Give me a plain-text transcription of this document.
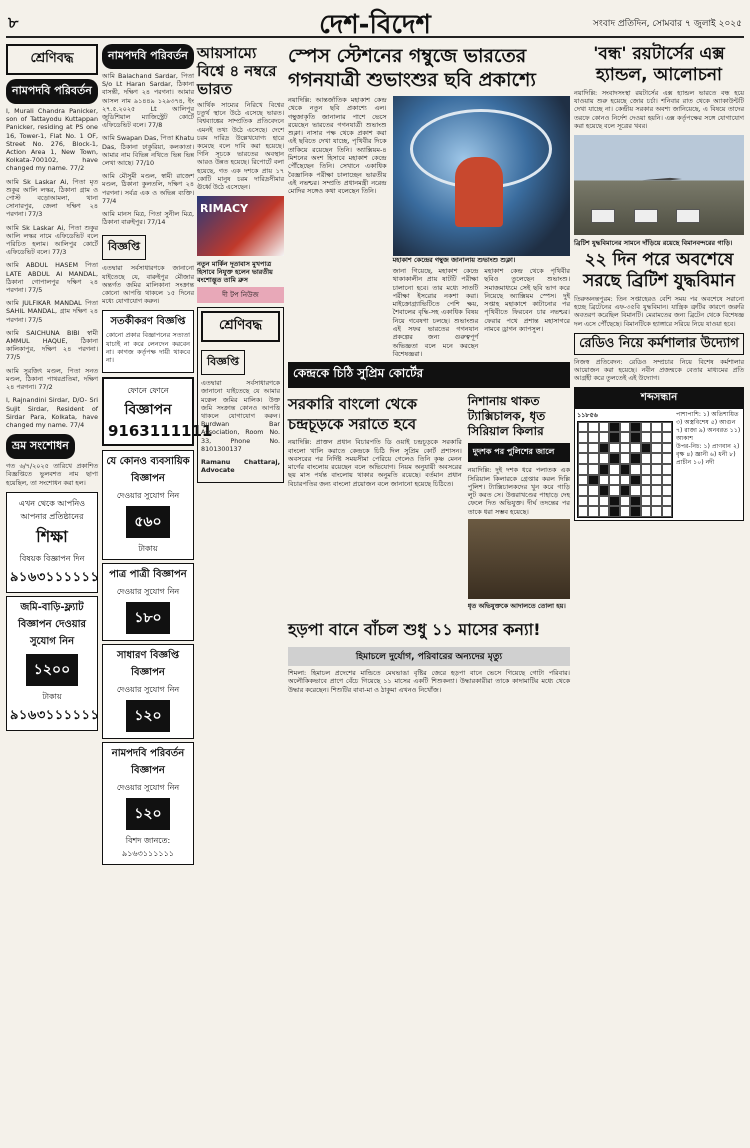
৮	দেশ-বিদেশ	সংবাদ প্রতিদিন, সোমবার ৭ জুলাই ২০২৫
শ্রেণিবদ্ধ
নামপদবি পরিবর্তন
I, Murali Chandra Panicker, son of Tattayodu Kuttappan Panicker, residing at PS one 16, Tower-1, Flat No. 1 OF, Street No. 276, Block-1, Action Area 1, New Town, Kolkata-700102, have changed my name. 77/2
আমি Sk Laskar Ai, পিতা মৃত শুকুর আলি লস্কর, ঠিকানা গ্রাম ও পোস্ট বড়োআমলা, থানা সোনারপুর, জেলা দক্ষিণ ২৪ পরগনা। 77/3
আমি Sk Laskar Ai, পিতা শুকুর আলি লস্কর নামে এফিডেভিট বলে পরিচিত হলাম। আলিপুর কোর্টে এফিডেভিট বলে। 77/3
আমি ABDUL HASEM পিতা LATE ABDUL AI MANDAL, ঠিকানা গোপালপুর দক্ষিণ ২৪ পরগনা। 77/5
আমি JULFIKAR MANDAL পিতা SAHIL MANDAL, গ্রাম দক্ষিণ ২৪ পরগনা। 77/5
আমি SAICHUNA BIBI স্বামী AMMUL HAQUE, ঠিকানা কালিকাপুর, দক্ষিণ ২৪ পরগনা। 77/5
আমি সুরজিৎ মণ্ডল, পিতা সনত মণ্ডল, ঠিকানা পাথরপ্রতিমা, দক্ষিণ ২৪ পরগনা। 77/2
I, Rajnandini Sirdar, D/O- Sri Sujit Sirdar, Resident of Sirdar Para, Kolkata, have changed my name. 77/4
ভ্রম সংশোধন
গত ৬/৭/২০২৫ তারিখে প্রকাশিত বিজ্ঞপ্তিতে ভুলবশত নাম ছাপা হয়েছিল, তা সংশোধন করা হল।
এখন থেকে আপনিও আপনার প্রতিষ্ঠানের
শিক্ষা
বিষয়ক বিজ্ঞাপন দিন
৯১৬৩১১১১১১
জমি-বাড়ি-ফ্ল্যাট বিজ্ঞাপন দেওয়ার সুযোগ নিন
১২০০
টাকায়
৯১৬৩১১১১১১
নামপদবি পরিবর্তন
আমি Balachand Sardar, পিতা S/o Lt Haran Sardar, ঠিকানা বাসন্তী, দক্ষিণ ২৪ পরগনা। আমার আসল নাম ৯১৪৪৯ ১২৯৩৭৪, ইং ২৭.৫.২০২৫ Lt আলিপুর জুডিশিয়াল ম্যাজিস্ট্রেট কোর্টে এফিডেভিট বলে। 77/8
আমি Swapan Das, পিতা Khatu Das, ঠিকানা ঢাকুরিয়া, কলকাতা। আমার নাম বিভিন্ন নথিতে ভিন্ন ভিন্ন লেখা আছে। 77/10
আমি মৌসুমী মণ্ডল, স্বামী রাজেশ মণ্ডল, ঠিকানা কুলতলি, দক্ষিণ ২৪ পরগনা। সর্বত্র এক ও অভিন্ন ব্যক্তি। 77/4
আমি মানস মিত্র, পিতা সুনীল মিত্র, ঠিকানা বারুইপুর। 77/14
বিজ্ঞপ্তি
এতদ্বারা সর্বসাধারণকে জানানো যাইতেছে যে, বারুইপুর মৌজার অন্তর্গত জমির মালিকানা সংক্রান্ত কোনো আপত্তি থাকলে ১৫ দিনের মধ্যে যোগাযোগ করুন।
সতর্কীকরণ বিজ্ঞপ্তি
কোনো প্রকার বিজ্ঞাপনের সত্যতা যাচাই না করে লেনদেন করবেন না। কাগজ কর্তৃপক্ষ দায়ী থাকবে না।
ফোনে ফোনে
বিজ্ঞাপন
9163111111
যে কোনও ব্যবসায়িক বিজ্ঞাপন
দেওয়ার সুযোগ নিন
৫৬০
টাকায়
পাত্র পাত্রী বিজ্ঞাপন
দেওয়ার সুযোগ নিন
১৮০
সাধারণ বিজ্ঞপ্তি বিজ্ঞাপন
দেওয়ার সুযোগ নিন
১২০
নামপদবি পরিবর্তন বিজ্ঞাপন
দেওয়ার সুযোগ নিন
১২০
বিশদ জানতে: ৯১৬৩১১১১১১
আয়সাম্যে বিশ্বে ৪ নম্বরে ভারত
আর্থিক সাম্যের নিরিখে বিশ্বের চতুর্থ স্থানে উঠে এসেছে ভারত। বিশ্বব্যাঙ্কের সাম্প্রতিক প্রতিবেদনে এমনই তথ্য উঠে এসেছে। দেশে চরম দারিদ্র উল্লেখযোগ্য হারে কমেছে বলে দাবি করা হয়েছে। গিনি সূচকে ভারতের অবস্থান আরও উন্নত হয়েছে। রিপোর্টে বলা হয়েছে, গত এক দশকে প্রায় ১৭ কোটি মানুষ চরম দারিদ্রসীমার ঊর্ধ্বে উঠে এসেছেন।
RIMACY
নতুন মার্কিন দূতাবাস মুখপাত্র হিসাবে নিযুক্ত হলেন ভারতীয় বংশোদ্ভূত তামি ব্রুস
দী টপ নিউজ
শ্রেণিবদ্ধ
বিজ্ঞপ্তি
এতদ্বারা সর্বসাধারণকে জানানো যাইতেছে যে আমার মক্কেল জমির মালিক। উক্ত জমি সংক্রান্ত কোনও আপত্তি থাকলে যোগাযোগ করুন। Burdwan Bar Association, Room No. 33, Phone No. 8101300137
Ramanu Chattaraj, Advocate
স্পেস স্টেশনের গম্বুজে ভারতের গগনযাত্রী শুভাংশুর ছবি প্রকাশ্যে
নয়াদিল্লি: আন্তর্জাতিক মহাকাশ কেন্দ্র থেকে নতুন ছবি প্রকাশ্যে এল। গম্বুজাকৃতি জানালার পাশে ভেসে রয়েছেন ভারতের গগনযাত্রী শুভাংশু শুক্লা। নাসার পক্ষ থেকে প্রকাশ করা এই ছবিতে দেখা যাচ্ছে, পৃথিবীর দিকে তাকিয়ে রয়েছেন তিনি। অ্যাক্সিয়ম-৪ মিশনের অংশ হিসাবে মহাকাশ কেন্দ্রে পৌঁছেছেন তিনি। সেখানে একাধিক বৈজ্ঞানিক পরীক্ষা চালাচ্ছেন ভারতীয় এই নভশ্চর। সম্প্রতি প্রধানমন্ত্রী নরেন্দ্র মোদির সঙ্গেও কথা বলেছেন তিনি।
মহাকাশ কেন্দ্রের গম্বুজ জানালায় শুভাংশু শুক্লা।
জানা গিয়েছে, মহাকাশ কেন্দ্রে থাকাকালীন প্রায় ষাটটি পরীক্ষা চালানো হবে। তার মধ্যে সাতটি পরীক্ষা ইসরোর নকশা করা। মাইক্রোগ্র্যাভিটিতে পেশি ক্ষয়, শৈবালের বৃদ্ধি-সহ একাধিক বিষয় নিয়ে গবেষণা চলছে। শুভাংশুর এই সফর ভারতের গগনযান প্রকল্পের জন্য গুরুত্বপূর্ণ অভিজ্ঞতা বলে মনে করছেন বিশেষজ্ঞরা।
মহাকাশ কেন্দ্র থেকে পৃথিবীর ছবিও তুলেছেন শুভাংশু। সমাজমাধ্যমে সেই ছবি ভাগ করে নিয়েছে অ্যাক্সিয়ম স্পেস। দুই সপ্তাহ মহাকাশে কাটানোর পর পৃথিবীতে ফিরবেন চার নভশ্চর। ফেরার পথে প্রশান্ত মহাসাগরে নামবে ড্রাগন ক্যাপসুল।
কেন্দ্রকে চিঠি সুপ্রিম কোর্টের
সরকারি বাংলো থেকে চন্দ্রচূড়কে সরাতে হবে
নয়াদিল্লি: প্রাক্তন প্রধান বিচারপতি ডি ওয়াই চন্দ্রচূড়কে সরকারি বাংলো খালি করাতে কেন্দ্রকে চিঠি দিল সুপ্রিম কোর্ট প্রশাসন। অবসরের পর নির্দিষ্ট সময়সীমা পেরিয়ে গেলেও তিনি কৃষ্ণ মেনন মার্গের বাংলোয় রয়েছেন বলে অভিযোগ। নিয়ম অনুযায়ী অবসরের ছয় মাস পর্যন্ত বাংলোয় থাকার অনুমতি রয়েছে। বর্তমান প্রধান বিচারপতির জন্য বাংলো প্রয়োজন বলে জানানো হয়েছে চিঠিতে।
নিশানায় থাকত ট্যাক্সিচালক, ধৃত সিরিয়াল কিলার
দুদশক পর পুলিশের জালে
নয়াদিল্লি: দুই দশক ধরে পলাতক এক সিরিয়াল কিলারকে গ্রেপ্তার করল দিল্লি পুলিশ। ট্যাক্সিচালকদের খুন করে গাড়ি লুট করত সে। উত্তরাখণ্ডের পাহাড়ে দেহ ফেলে দিত অভিযুক্ত। দীর্ঘ তদন্তের পর তাকে ধরা সম্ভব হয়েছে।
ধৃত অভিযুক্তকে আদালতে তোলা হয়।
হড়পা বানে বাঁচল শুধু ১১ মাসের কন্যা!
হিমাচলে দুর্যোগ, পরিবারের অন্যদের মৃত্যু
শিমলা: হিমাচল প্রদেশের মান্ডিতে মেঘভাঙা বৃষ্টির জেরে হড়পা বানে ভেসে গিয়েছে গোটা পরিবার। অলৌকিকভাবে প্রাণে বেঁচে গিয়েছে ১১ মাসের একটি শিশুকন্যা। উদ্ধারকারীরা তাকে কাদামাটির মধ্যে থেকে উদ্ধার করেছেন। শিশুটির বাবা-মা ও ঠাকুমা এখনও নিখোঁজ।
'বন্ধ' রয়টার্সের এক্স হ্যান্ডল, আলোচনা
নয়াদিল্লি: সংবাদসংস্থা রয়টার্সের এক্স হ্যান্ডল ভারতে বন্ধ হয়ে যাওয়ায় শুরু হয়েছে জোর চর্চা। শনিবার রাত থেকে অ্যাকাউন্টটি দেখা যাচ্ছে না। কেন্দ্রীয় সরকার অবশ্য জানিয়েছে, এ বিষয়ে তাদের তরফে কোনও নির্দেশ দেওয়া হয়নি। এক্স কর্তৃপক্ষের সঙ্গে যোগাযোগ করা হয়েছে বলে সূত্রের খবর।
ব্রিটিশ যুদ্ধবিমানের সামনে দাঁড়িয়ে রয়েছে বিমানবন্দরের গাড়ি।
২২ দিন পরে অবশেষে সরছে ব্রিটিশ যুদ্ধবিমান
তিরুঅনন্তপুরম: তিন সপ্তাহেরও বেশি সময় পর অবশেষে সরানো হচ্ছে ব্রিটেনের এফ-৩৫বি যুদ্ধবিমান। যান্ত্রিক ত্রুটির কারণে জরুরি অবতরণ করেছিল বিমানটি। মেরামতের জন্য ব্রিটেন থেকে বিশেষজ্ঞ দল এসে পৌঁছেছে। বিমানটিকে হ্যাঙ্গারে সরিয়ে নিয়ে যাওয়া হবে।
রেডিও নিয়ে কর্মশালার উদ্যোগ
নিজস্ব প্রতিবেদন: রেডিও সম্প্রচার নিয়ে বিশেষ কর্মশালার আয়োজন করা হয়েছে। নবীন প্রজন্মকে বেতার মাধ্যমের প্রতি আগ্রহী করে তুলতেই এই উদ্যোগ।
শব্দসন্ধান
১১৮৫৬	পাশাপাশি: ১) অতিশায়িত ৩) অস্ত্রবিশেষ ৫) আগুন ৭) রাজা ৯) অনবরত ১১) আকাশ
উপর-নিচ: ১) প্রাণবান ২) বৃক্ষ ৪) জ্ঞানী ৬) ধনী ৮) প্রাচীন ১০) নদী
